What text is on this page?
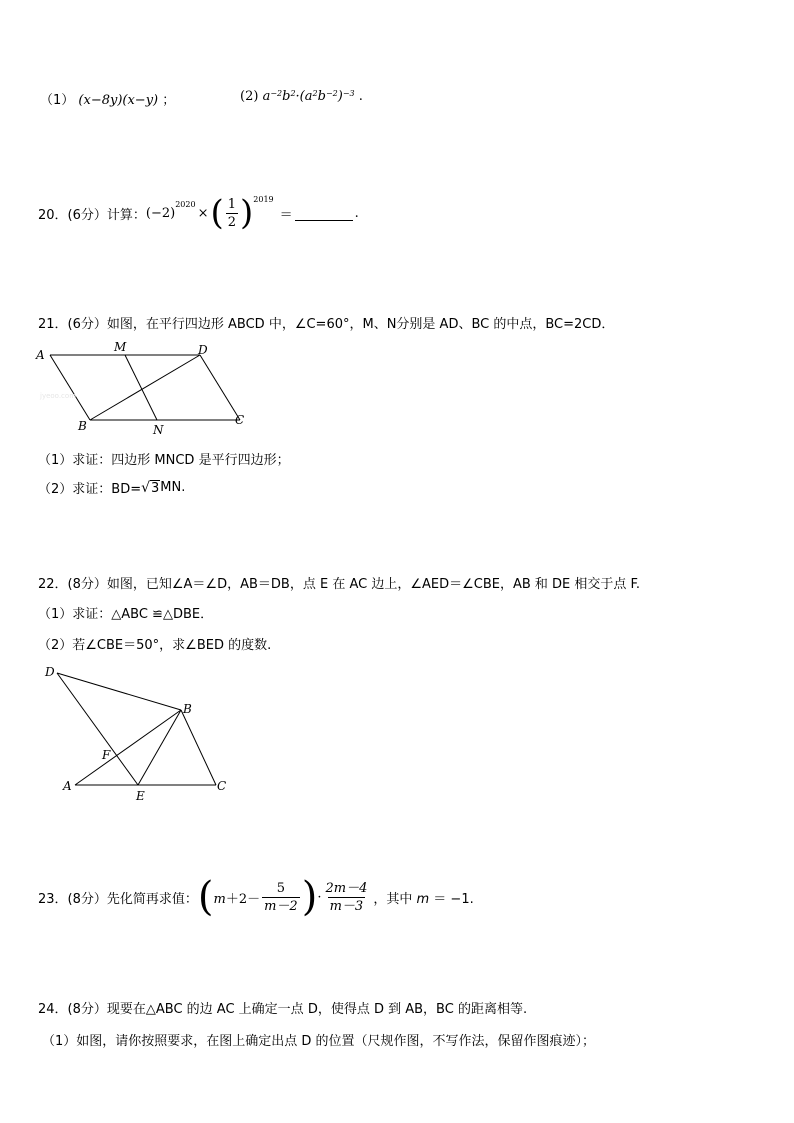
（1） (x−8y)(x−y) ；	(2) $a^{-2}b^2\cdot(a^2b^{-2})^{-3}$ .
20．(6分）计算： (−2)
2020
× ( $\frac{1}{2}$ ) 2019
＝	.
21．(6分）如图，在平行四边形 ABCD 中，∠C=60°，M、N分别是 AD、BC 的中点，BC=2CD．
A
M	D
B	N
C
jyeoo.com
（1）求证：四边形 MNCD 是平行四边形；
（2）求证：BD= √ 3 MN.
22．(8分）如图，已知∠A＝∠D，AB＝DB，点 E 在 AC 边上，∠AED＝∠CBE，AB 和 DE 相交于点 F.
（1）求证：△ABC ≌△DBE．
（2）若∠CBE＝50°，求∠BED 的度数.
D
B
F
A
E
C
23．(8分）先化简再求值： ( $m+2- \frac{5}{m-2}$ ) · $\frac{2m-4}{m-3}$ ，其中 m ＝ −1.
24．(8分）现要在△ABC 的边 AC 上确定一点 D，使得点 D 到 AB，BC 的距离相等.
（1）如图，请你按照要求，在图上确定出点 D 的位置（尺规作图，不写作法，保留作图痕迹）；
